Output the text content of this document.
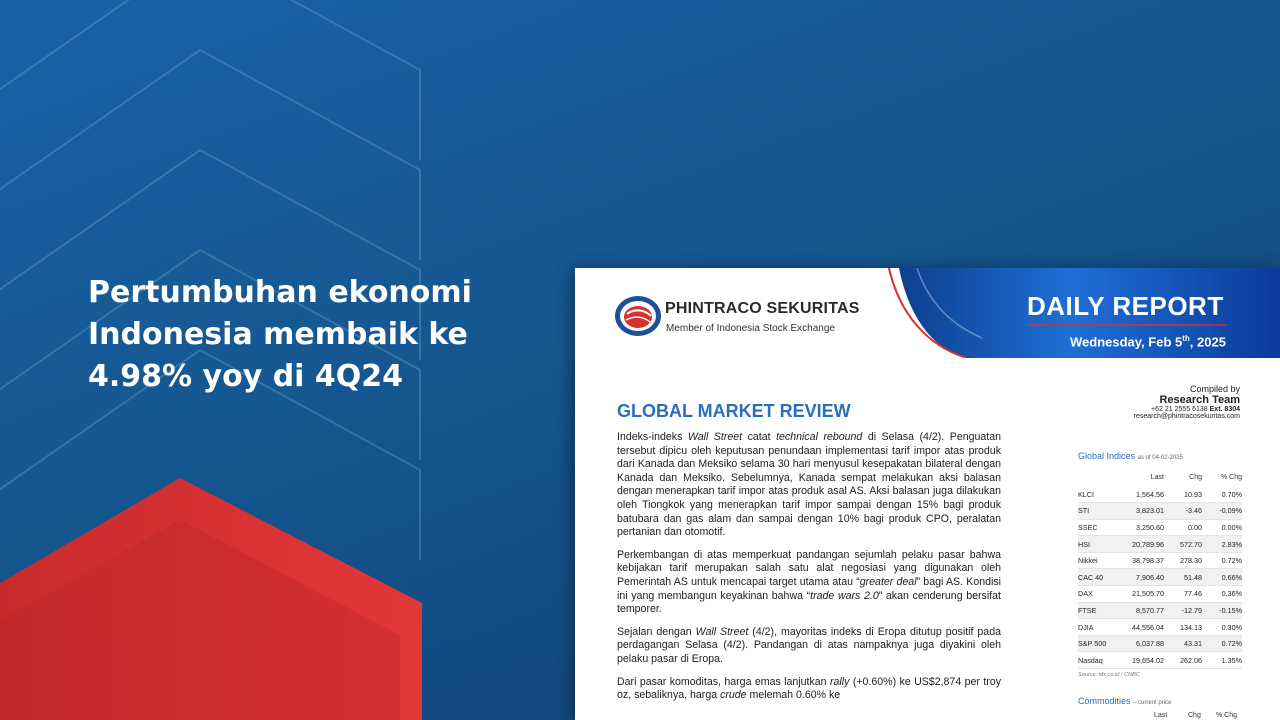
Pertumbuhan ekonomi
Indonesia membaik ke
4.98% yoy di 4Q24
PHINTRACO SEKURITAS
Member of Indonesia Stock Exchange
DAILY REPORT
Wednesday, Feb 5th, 2025
Compiled by
Research Team
+62 21 2555 6138 Ext. 8304
research@phintracosekuritas.com
GLOBAL MARKET REVIEW

Indeks-indeks Wall Street catat technical rebound di Selasa (4/2). Penguatan tersebut dipicu oleh keputusan penundaan implementasi tarif impor atas produk dari Kanada dan Meksiko selama 30 hari menyusul kesepakatan bilateral dengan Kanada dan Meksiko. Sebelumnya, Kanada sempat melakukan aksi balasan dengan menerapkan tarif impor atas produk asal AS. Aksi balasan juga dilakukan oleh Tiongkok yang menerapkan tarif impor sampai dengan 15% bagi produk batubara dan gas alam dan sampai dengan 10% bagi produk CPO, peralatan pertanian dan otomotif.

Perkembangan di atas memperkuat pandangan sejumlah pelaku pasar bahwa kebijakan tarif merupakan salah satu alat negosiasi yang digunakan oleh Pemerintah AS untuk mencapai target utama atau “greater deal” bagi AS. Kondisi ini yang membangun keyakinan bahwa “trade wars 2.0” akan cenderung bersifat temporer.

Sejalan dengan Wall Street (4/2), mayoritas indeks di Eropa ditutup positif pada perdagangan Selasa (4/2). Pandangan di atas nampaknya juga diyakini oleh pelaku pasar di Eropa.

Dari pasar komoditas, harga emas lanjutkan rally (+0.60%) ke US$2,874 per troy oz, sebaliknya, harga crude melemah 0.60% ke

Global Indices as of 04-02-2025
	Last	Chg	% Chg
KLCI	1,564.56	10.93	0.70%
STI	3,823.01	-3.46	-0.09%
SSEC	3,250.60	0.00	0.00%
HSI	20,789.96	572.70	2.83%
Nikkei	38,798.37	278.30	0.72%
CAC 40	7,906.40	51.48	0.66%
DAX	21,505.70	77.46	0.36%
FTSE	8,570.77	-12.79	-0.15%
DJIA	44,556.04	134.13	0.30%
S&P 500	6,037.88	43.31	0.72%
Nasdaq	19,654.02	262.06	1.35%
Source: idx.co.id / CNBC
Commodities – current price
Last	Chg % Chg
